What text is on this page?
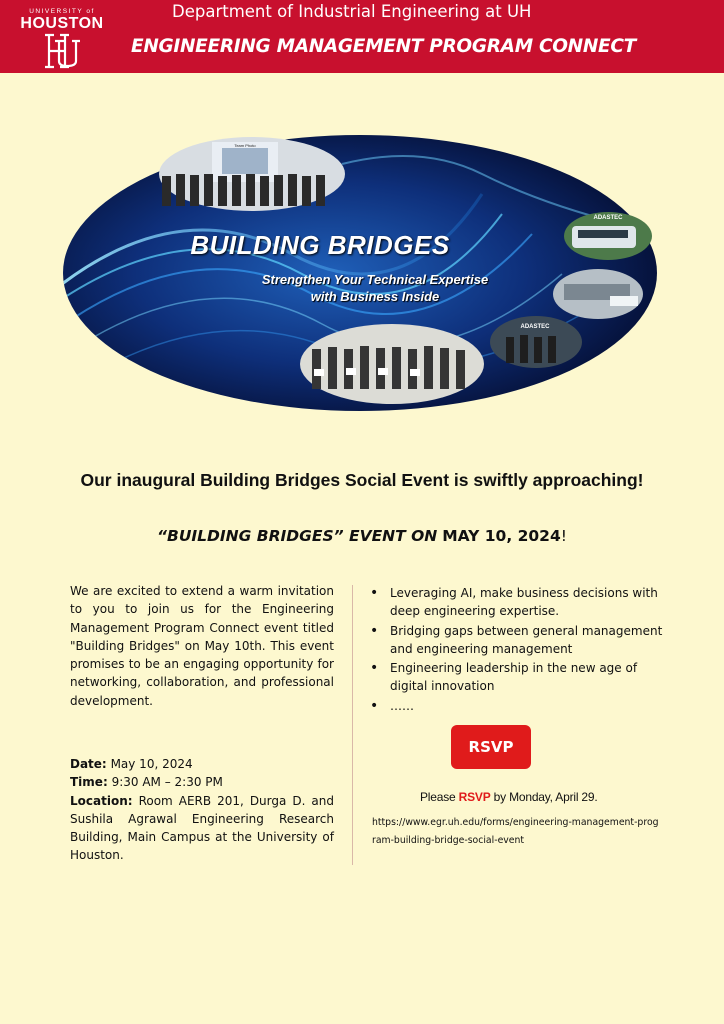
UNIVERSITY of
HOUSTON
Department of Industrial Engineering at UH
ENGINEERING MANAGEMENT PROGRAM CONNECT
Team Photo
ADASTEC
ADASTEC
BUILDING BRIDGES
Strengthen Your Technical Expertise
with Business Inside
Our inaugural Building Bridges Social Event is swiftly approaching!
“BUILDING BRIDGES” EVENT ON MAY 10, 2024!
We are excited to extend a warm invitation to you to join us for the Engineering Management Program Connect event titled "Building Bridges" on May 10th. This event promises to be an engaging opportunity for networking, collaboration, and professional development.
Date: May 10, 2024
Time: 9:30 AM – 2:30 PM
Location: Room AERB 201, Durga D. and Sushila Agrawal Engineering Research Building, Main Campus at the University of Houston.
• Leveraging AI, make business decisions with deep engineering expertise.
• Bridging gaps between general management and engineering management
• Engineering leadership in the new age of digital innovation
• ……
RSVP
Please RSVP by Monday, April 29.
https://www.egr.uh.edu/forms/engineering-management-program-building-bridge-social-event
